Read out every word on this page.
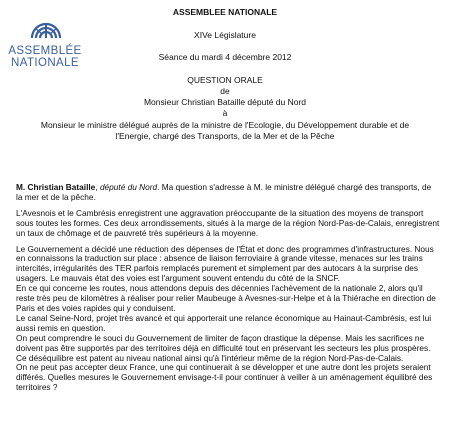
ASSEMBLÉE
NATIONALE
ASSEMBLEE NATIONALE
XIVe Législature
Séance du mardi 4 décembre 2012
QUESTION ORALE
de
Monsieur Christian Bataille député du Nord
à
Monsieur le ministre délégué auprès de la ministre de l'Ecologie, du Développement durable et de
l'Energie, chargé des Transports, de la Mer et de la Pêche

M. Christian Bataille, député du Nord. Ma question s'adresse à M. le ministre délégué chargé des transports, de la mer et de la pêche.

L'Avesnois et le Cambrésis enregistrent une aggravation préoccupante de la situation des moyens de transport sous toutes les formes. Ces deux arrondissements, situés à la marge de la région Nord-Pas-de-Calais, enregistrent un taux de chômage et de pauvreté très supérieurs à la moyenne.

Le Gouvernement a décidé une réduction des dépenses de l'État et donc des programmes d'infrastructures. Nous en connaissons la traduction sur place : absence de liaison ferroviaire à grande vitesse, menaces sur les trains intercités, irrégularités des TER parfois remplacés purement et simplement par des autocars à la surprise des usagers. Le mauvais état des voies est l'argument souvent entendu du côté de la SNCF.

En ce qui concerne les routes, nous attendons depuis des décennies l'achèvement de la nationale 2, alors qu'il reste très peu de kilomètres à réaliser pour relier Maubeuge à Avesnes-sur-Helpe et à la Thiérache en direction de Paris et des voies rapides qui y conduisent.

Le canal Seine-Nord, projet très avancé et qui apporterait une relance économique au Hainaut-Cambrésis, est lui aussi remis en question.

On peut comprendre le souci du Gouvernement de limiter de façon drastique la dépense. Mais les sacrifices ne doivent pas être supportés par des territoires déjà en difficulté tout en préservant les secteurs les plus prospères. Ce déséquilibre est patent au niveau national ainsi qu'à l'intérieur même de la région Nord-Pas-de-Calais.

On ne peut pas accepter deux France, une qui continuerait à se développer et une autre dont les projets seraient différés. Quelles mesures le Gouvernement envisage-t-il pour continuer à veiller à un aménagement équilibré des territoires ?
